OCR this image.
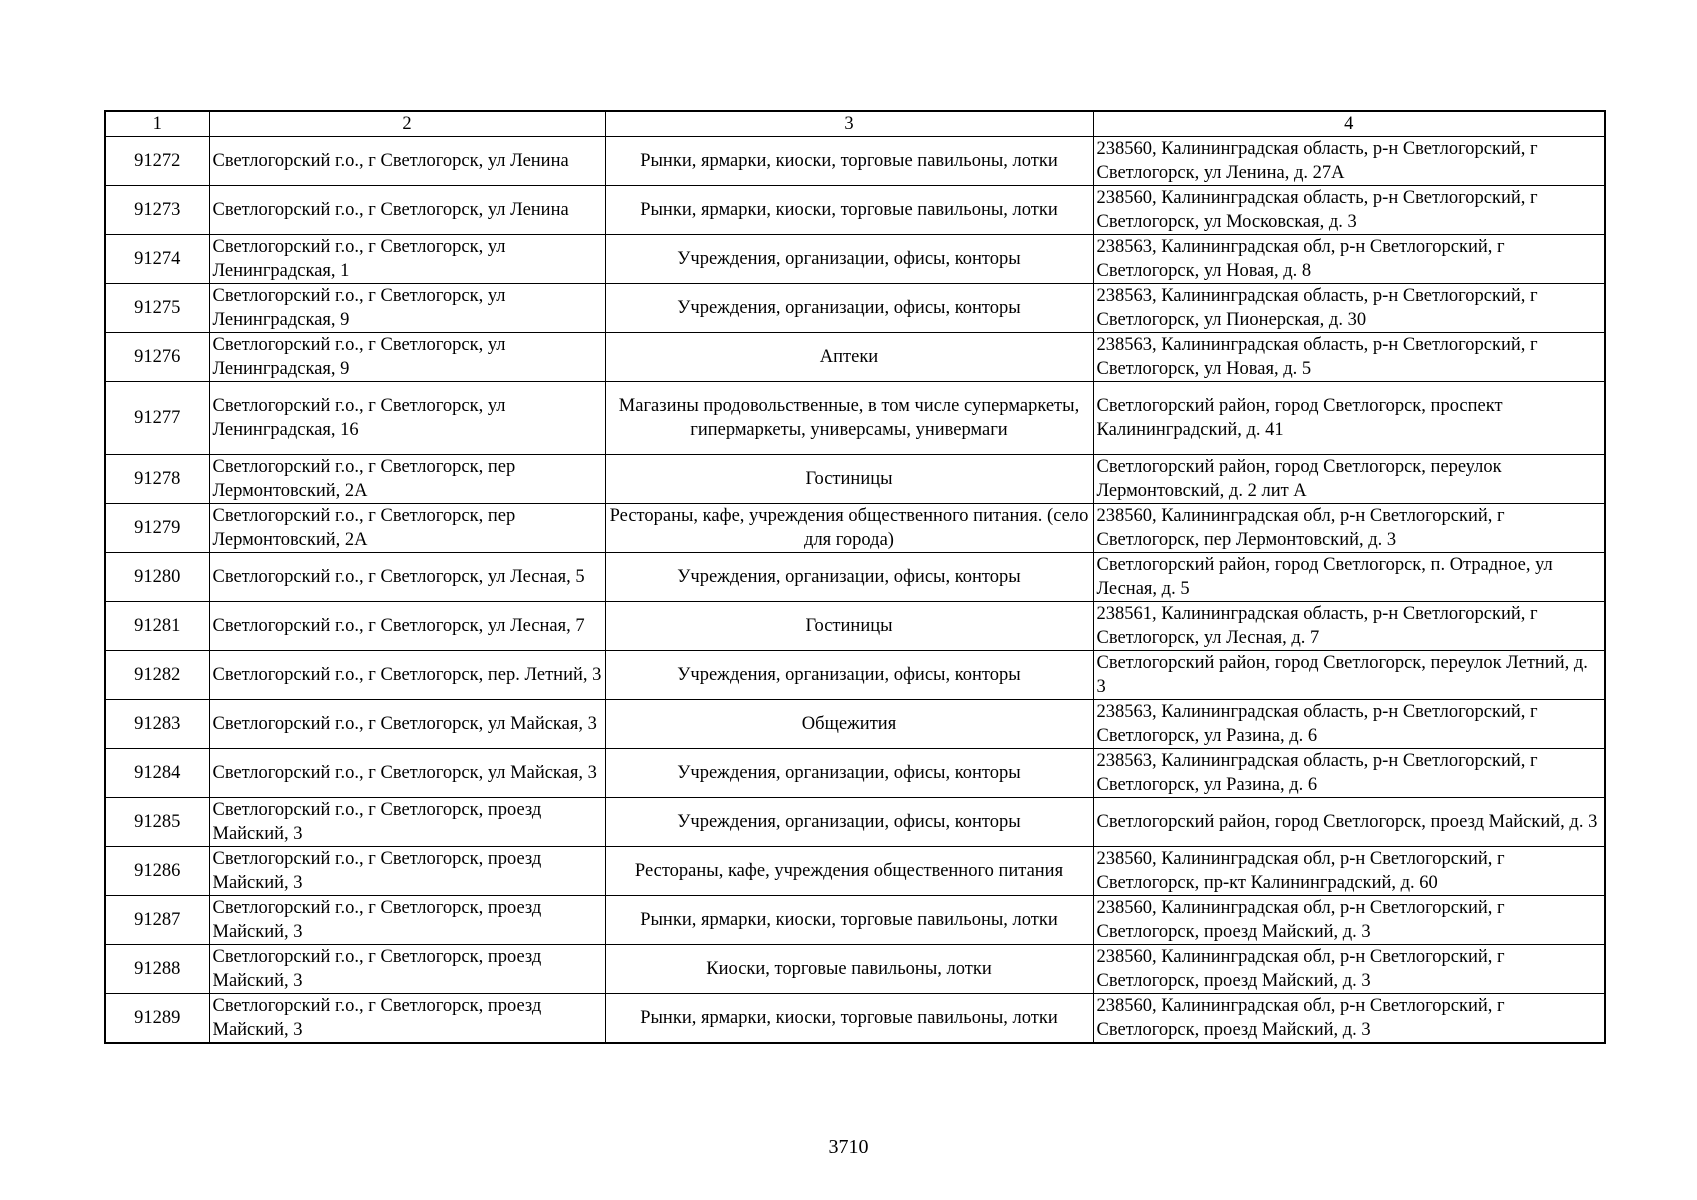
1	2	3	4
91272	Светлогорский г.о., г Светлогорск, ул Ленина	Рынки, ярмарки, киоски, торговые павильоны, лотки	238560, Калининградская область, р-н Светлогорский, г Светлогорск, ул Ленина, д. 27А
91273	Светлогорский г.о., г Светлогорск, ул Ленина	Рынки, ярмарки, киоски, торговые павильоны, лотки	238560, Калининградская область, р-н Светлогорский, г Светлогорск, ул Московская, д. 3
91274	Светлогорский г.о., г Светлогорск, ул Ленинградская, 1	Учреждения, организации, офисы, конторы	238563, Калининградская обл, р-н Светлогорский, г Светлогорск, ул Новая, д. 8
91275	Светлогорский г.о., г Светлогорск, ул Ленинградская, 9	Учреждения, организации, офисы, конторы	238563, Калининградская область, р-н Светлогорский, г Светлогорск, ул Пионерская, д. 30
91276	Светлогорский г.о., г Светлогорск, ул Ленинградская, 9	Аптеки	238563, Калининградская область, р-н Светлогорский, г Светлогорск, ул Новая, д. 5
91277	Светлогорский г.о., г Светлогорск, ул Ленинградская, 16	Магазины продовольственные, в том числе супермаркеты, гипермаркеты, универсамы, универмаги	Светлогорский район, город Светлогорск, проспект Калининградский, д. 41
91278	Светлогорский г.о., г Светлогорск, пер Лермонтовский, 2А	Гостиницы	Светлогорский район, город Светлогорск, переулок Лермонтовский, д. 2 лит А
91279	Светлогорский г.о., г Светлогорск, пер Лермонтовский, 2А	Рестораны, кафе, учреждения общественного питания. (село для города)	238560, Калининградская обл, р-н Светлогорский, г Светлогорск, пер Лермонтовский, д. 3
91280	Светлогорский г.о., г Светлогорск, ул Лесная, 5	Учреждения, организации, офисы, конторы	Светлогорский район, город Светлогорск, п. Отрадное, ул Лесная, д. 5
91281	Светлогорский г.о., г Светлогорск, ул Лесная, 7	Гостиницы	238561, Калининградская область, р-н Светлогорский, г Светлогорск, ул Лесная, д. 7
91282	Светлогорский г.о., г Светлогорск, пер. Летний, 3	Учреждения, организации, офисы, конторы	Светлогорский район, город Светлогорск, переулок Летний, д. 3
91283	Светлогорский г.о., г Светлогорск, ул Майская, 3	Общежития	238563, Калининградская область, р-н Светлогорский, г Светлогорск, ул Разина, д. 6
91284	Светлогорский г.о., г Светлогорск, ул Майская, 3	Учреждения, организации, офисы, конторы	238563, Калининградская область, р-н Светлогорский, г Светлогорск, ул Разина, д. 6
91285	Светлогорский г.о., г Светлогорск, проезд Майский, 3	Учреждения, организации, офисы, конторы	Светлогорский район, город Светлогорск, проезд Майский, д. 3
91286	Светлогорский г.о., г Светлогорск, проезд Майский, 3	Рестораны, кафе, учреждения общественного питания	238560, Калининградская обл, р-н Светлогорский, г Светлогорск, пр-кт Калининградский, д. 60
91287	Светлогорский г.о., г Светлогорск, проезд Майский, 3	Рынки, ярмарки, киоски, торговые павильоны, лотки	238560, Калининградская обл, р-н Светлогорский, г Светлогорск, проезд Майский, д. 3
91288	Светлогорский г.о., г Светлогорск, проезд Майский, 3	Киоски, торговые павильоны, лотки	238560, Калининградская обл, р-н Светлогорский, г Светлогорск, проезд Майский, д. 3
91289	Светлогорский г.о., г Светлогорск, проезд Майский, 3	Рынки, ярмарки, киоски, торговые павильоны, лотки	238560, Калининградская обл, р-н Светлогорский, г Светлогорск, проезд Майский, д. 3
3710
